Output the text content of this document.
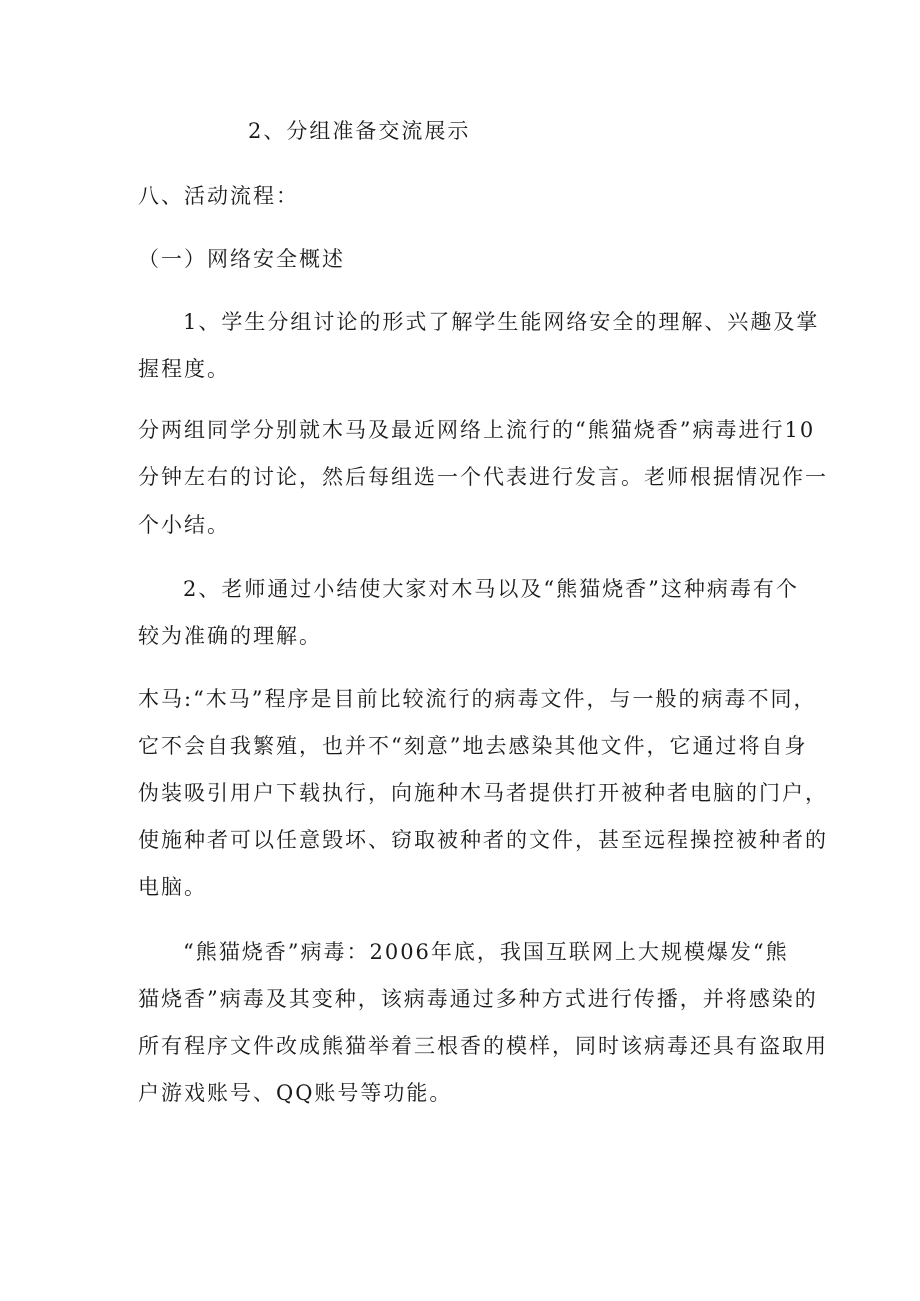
2、分组准备交流展示
八、活动流程：
（一）网络安全概述
1、学生分组讨论的形式了解学生能网络安全的理解、兴趣及掌
握程度。
分两组同学分别就木马及最近网络上流行的“熊猫烧香”病毒进行10
分钟左右的讨论，然后每组选一个代表进行发言。老师根据情况作一
个小结。
2、老师通过小结使大家对木马以及“熊猫烧香”这种病毒有个
较为准确的理解。
木马:“木马”程序是目前比较流行的病毒文件，与一般的病毒不同，
它不会自我繁殖，也并不“刻意”地去感染其他文件，它通过将自身
伪装吸引用户下载执行，向施种木马者提供打开被种者电脑的门户，
使施种者可以任意毁坏、窃取被种者的文件，甚至远程操控被种者的
电脑。
“熊猫烧香”病毒：2006年底，我国互联网上大规模爆发“熊
猫烧香”病毒及其变种，该病毒通过多种方式进行传播，并将感染的
所有程序文件改成熊猫举着三根香的模样，同时该病毒还具有盗取用
户游戏账号、QQ账号等功能。
